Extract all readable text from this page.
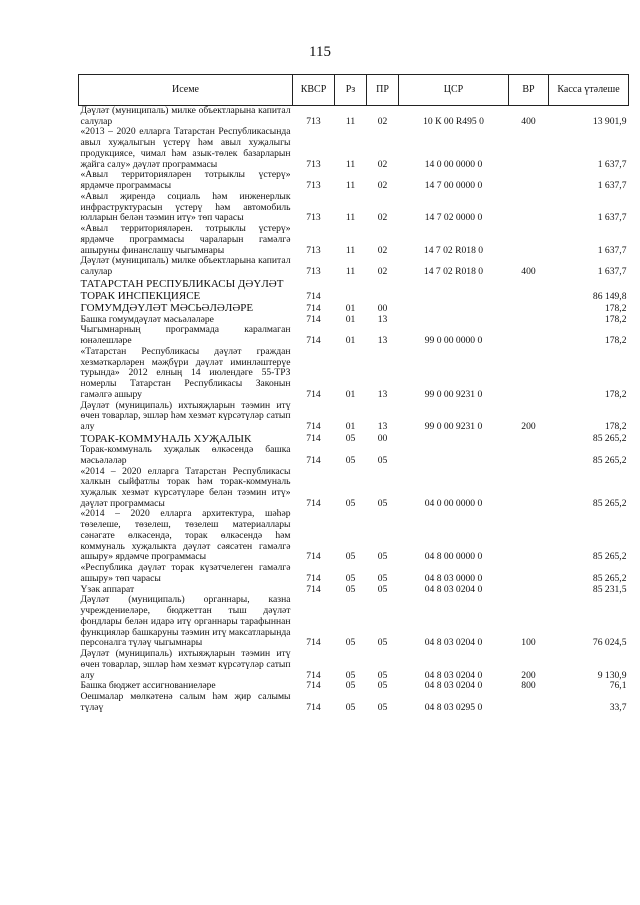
115
Исеме	КВСР	Рз	ПР	ЦСР	ВР	Касса үтәлеше
Дәүләт (муниципаль) милке объектларына капитал салулар	713	11	02	10 К 00 R495 0	400	13 901,9
«2013 – 2020 елларга Татарстан Республикасында авыл хуҗалыгын үстерү һәм авыл хуҗалыгы продукциясе, чимал һәм азык-төлек базарларын җайга салу» дәүләт программасы	713	11	02	14 0 00 0000 0		1 637,7
«Авыл территорияләрен тотрыклы үстерү» ярдәмче программасы	713	11	02	14 7 00 0000 0		1 637,7
«Авыл җирендә социаль һәм инженерлык инфраструктурасын үстерү һәм автомобиль юлларын белән тәэмин итү» төп чарасы	713	11	02	14 7 02 0000 0		1 637,7
«Авыл территорияләрен. тотрыклы үстерү» ярдәмче программасы чараларын гамәлгә ашыруны финанслашу чыгымнары	713	11	02	14 7 02 R018 0		1 637,7
Дәүләт (муниципаль) милке объектларына капитал салулар	713	11	02	14 7 02 R018 0	400	1 637,7
ТАТАРСТАН РЕСПУБЛИКАСЫ ДӘҮЛӘТ ТОРАК ИНСПЕКЦИЯСЕ	714					86 149,8
ГОМУМДӘҮЛӘТ МӘСЬӘЛӘЛӘРЕ	714	01	00			178,2
Башка гомумдәүләт мәсьәләләре	714	01	13			178,2
Чыгымнарның программада каралмаган юнәлешләре	714	01	13	99 0 00 0000 0		178,2
«Татарстан Республикасы дәүләт граждан хезмәткәрләрен мәҗбүри дәүләт иминләштерүе турында» 2012 елның 14 июлендәге 55-ТРЗ номерлы Татарстан Республикасы Законын гамәлгә ашыру	714	01	13	99 0 00 9231 0		178,2
Дәүләт (муниципаль) ихтыяҗларын тәэмин итү өчен товарлар, эшләр һәм хезмәт күрсәтүләр сатып алу	714	01	13	99 0 00 9231 0	200	178,2
ТОРАК-КОММУНАЛЬ ХУҖАЛЫК	714	05	00			85 265,2
Торак-коммуналь хуҗалык өлкәсендә башка мәсьәләләр	714	05	05			85 265,2
«2014 – 2020 елларга Татарстан Республикасы халкын сыйфатлы торак һәм торак-коммуналь хуҗалык хезмәт күрсәтүләре белән тәэмин итү» дәүләт программасы	714	05	05	04 0 00 0000 0		85 265,2
«2014 – 2020 елларга архитектура, шәһәр төзелеше, төзелеш, төзелеш материаллары сәнәгате өлкәсендә, торак өлкәсендә һәм коммуналь хуҗалыкта дәүләт сәясәтен гамәлгә ашыру» ярдәмче программасы	714	05	05	04 8 00 0000 0		85 265,2
«Республика дәүләт торак күзәтчелеген гамәлгә ашыру» төп чарасы	714	05	05	04 8 03 0000 0		85 265,2
Үзәк аппарат	714	05	05	04 8 03 0204 0		85 231,5
Дәүләт (муниципаль) органнары, казна учреждениеләре, бюджеттан тыш дәүләт фондлары белән идарә итү органнары тарафыннан функцияләр башкаруны тәэмин итү максатларында персоналга түләү чыгымнары	714	05	05	04 8 03 0204 0	100	76 024,5
Дәүләт (муниципаль) ихтыяҗларын тәэмин итү өчен товарлар, эшләр һәм хезмәт күрсәтүләр сатып алу	714	05	05	04 8 03 0204 0	200	9 130,9
Башка бюджет ассигнованиеләре	714	05	05	04 8 03 0204 0	800	76,1
Оешмалар мөлкәтенә салым һәм җир салымы түләү	714	05	05	04 8 03 0295 0		33,7
